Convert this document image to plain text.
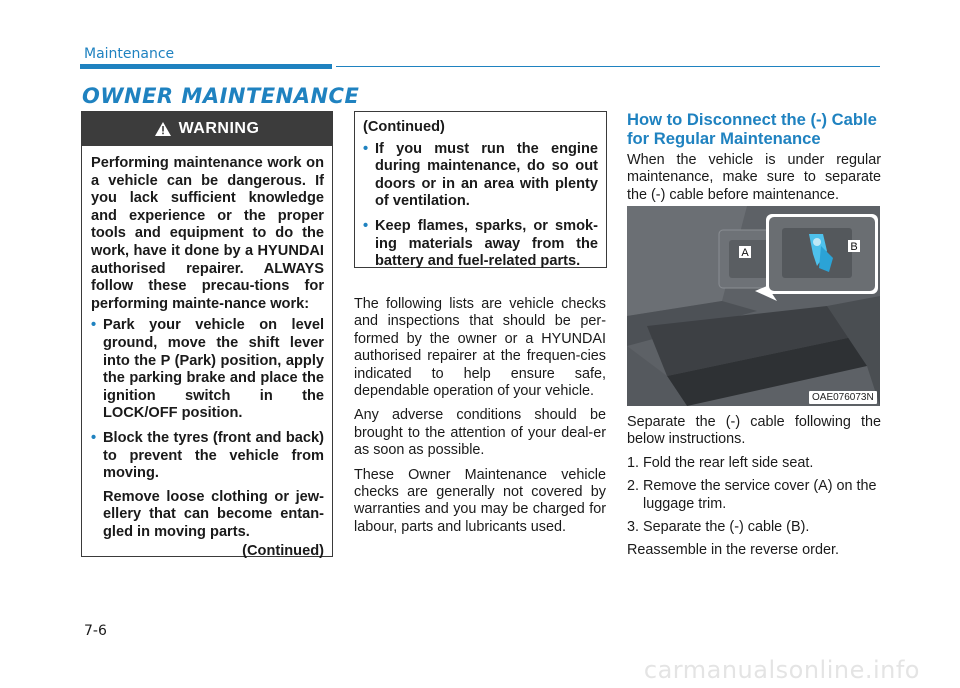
Maintenance
OWNER MAINTENANCE
WARNING

Performing maintenance work on a vehicle can be dangerous. If you lack sufficient knowledge and experience or the proper tools and equipment to do the work, have it done by a HYUNDAI authorised repairer. ALWAYS follow these precau-tions for performing mainte-nance work:

• Park your vehicle on level ground, move the shift lever into the P (Park) position, apply the parking brake and place the ignition switch in the LOCK/OFF position.
• Block the tyres (front and back) to prevent the vehicle from moving.

Remove loose clothing or jew-ellery that can become entan-gled in moving parts.

(Continued)

(Continued)

• If you must run the engine during maintenance, do so out doors or in an area with plenty of ventilation.
• Keep flames, sparks, or smok-ing materials away from the battery and fuel-related parts.

The following lists are vehicle checks and inspections that should be per-formed by the owner or a HYUNDAI authorised repairer at the frequen-cies indicated to help ensure safe, dependable operation of your vehicle.

Any adverse conditions should be brought to the attention of your deal-er as soon as possible.

These Owner Maintenance vehicle checks are generally not covered by warranties and you may be charged for labour, parts and lubricants used.

How to Disconnect the (-) Cable for Regular Maintenance

When the vehicle is under regular maintenance, make sure to separate the (-) cable before maintenance.

A	B
OAE076073N

Separate the (-) cable following the below instructions.

1. Fold the rear left side seat.
2. Remove the service cover (A) on the luggage trim.
3. Separate the (-) cable (B).

Reassemble in the reverse order.

7-6
carmanualsonline.info
